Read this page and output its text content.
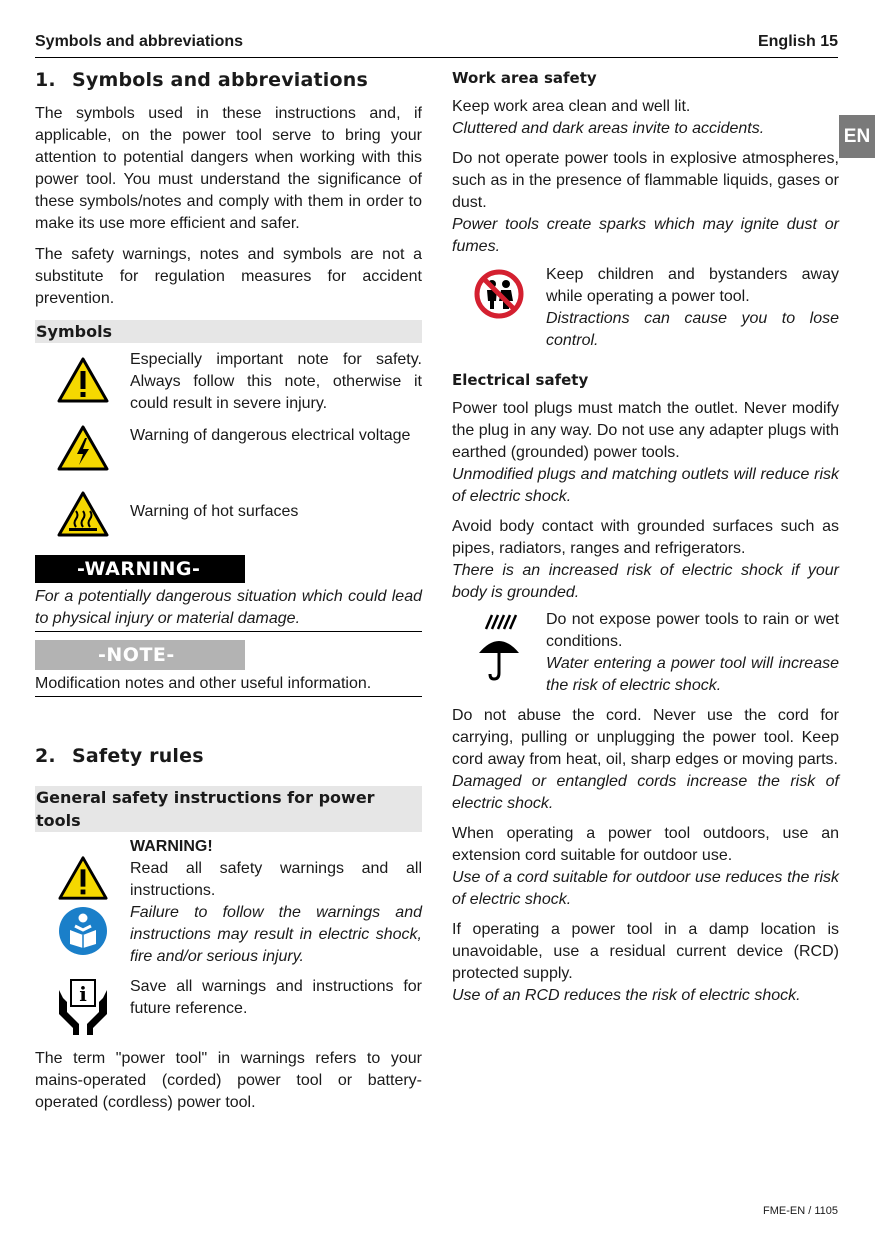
Symbols and abbreviations	English 15
EN
1. Symbols and abbreviations

The symbols used in these instructions and, if applicable, on the power tool serve to bring your attention to potential dangers when working with this power tool. You must understand the significance of these symbols/notes and comply with them in order to make its use more efficient and safer.

The safety warnings, notes and symbols are not a substitute for regulation measures for accident prevention.

Symbols

Especially important note for safety. Always follow this note, otherwise it could result in severe injury.

Warning of dangerous electrical voltage

Warning of hot surfaces

-WARNING-

For a potentially dangerous situation which could lead to physical injury or material damage.

-NOTE-

Modification notes and other useful information.

2. Safety rules
General safety instructions for power tools

WARNING!

Read all safety warnings and all instructions.

Failure to follow the warnings and instructions may result in electric shock, fire and/or serious injury.

i	Save all warnings and instructions for future reference.

The term "power tool" in warnings refers to your mains-operated (corded) power tool or battery-operated (cordless) power tool.

Work area safety

Keep work area clean and well lit.

Cluttered and dark areas invite to accidents.

Do not operate power tools in explosive atmospheres, such as in the presence of flammable liquids, gases or dust.

Power tools create sparks which may ignite dust or fumes.

Keep children and bystanders away while operating a power tool.

Distractions can cause you to lose control.

Electrical safety

Power tool plugs must match the outlet. Never modify the plug in any way. Do not use any adapter plugs with earthed (grounded) power tools.

Unmodified plugs and matching outlets will reduce risk of electric shock.

Avoid body contact with grounded surfaces such as pipes, radiators, ranges and refrigerators.

There is an increased risk of electric shock if your body is grounded.

Do not expose power tools to rain or wet conditions.

Water entering a power tool will increase the risk of electric shock.

Do not abuse the cord. Never use the cord for carrying, pulling or unplugging the power tool. Keep cord away from heat, oil, sharp edges or moving parts.

Damaged or entangled cords increase the risk of electric shock.

When operating a power tool outdoors, use an extension cord suitable for outdoor use.

Use of a cord suitable for outdoor use reduces the risk of electric shock.

If operating a power tool in a damp location is unavoidable, use a residual current device (RCD) protected supply.

Use of an RCD reduces the risk of electric shock.

FME-EN / 1105
